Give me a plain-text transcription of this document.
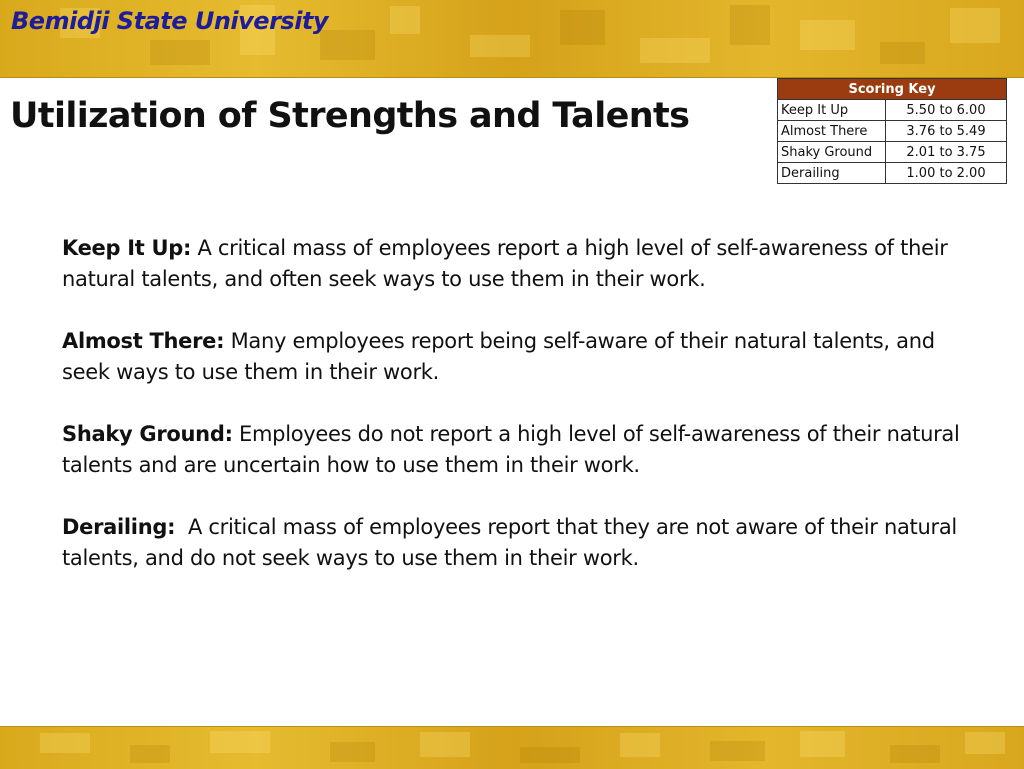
Bemidji State University
Utilization of Strengths and Talents
Scoring Key	
Keep It Up	5.50 to 6.00
Almost There	3.76 to 5.49
Shaky Ground	2.01 to 3.75
Derailing	1.00 to 2.00

Keep It Up: A critical mass of employees report a high level of self-awareness of their natural talents, and often seek ways to use them in their work.

Almost There: Many employees report being self-aware of their natural talents, and seek ways to use them in their work.

Shaky Ground: Employees do not report a high level of self-awareness of their natural talents and are uncertain how to use them in their work.

Derailing:  A critical mass of employees report that they are not aware of their natural talents, and do not seek ways to use them in their work.
